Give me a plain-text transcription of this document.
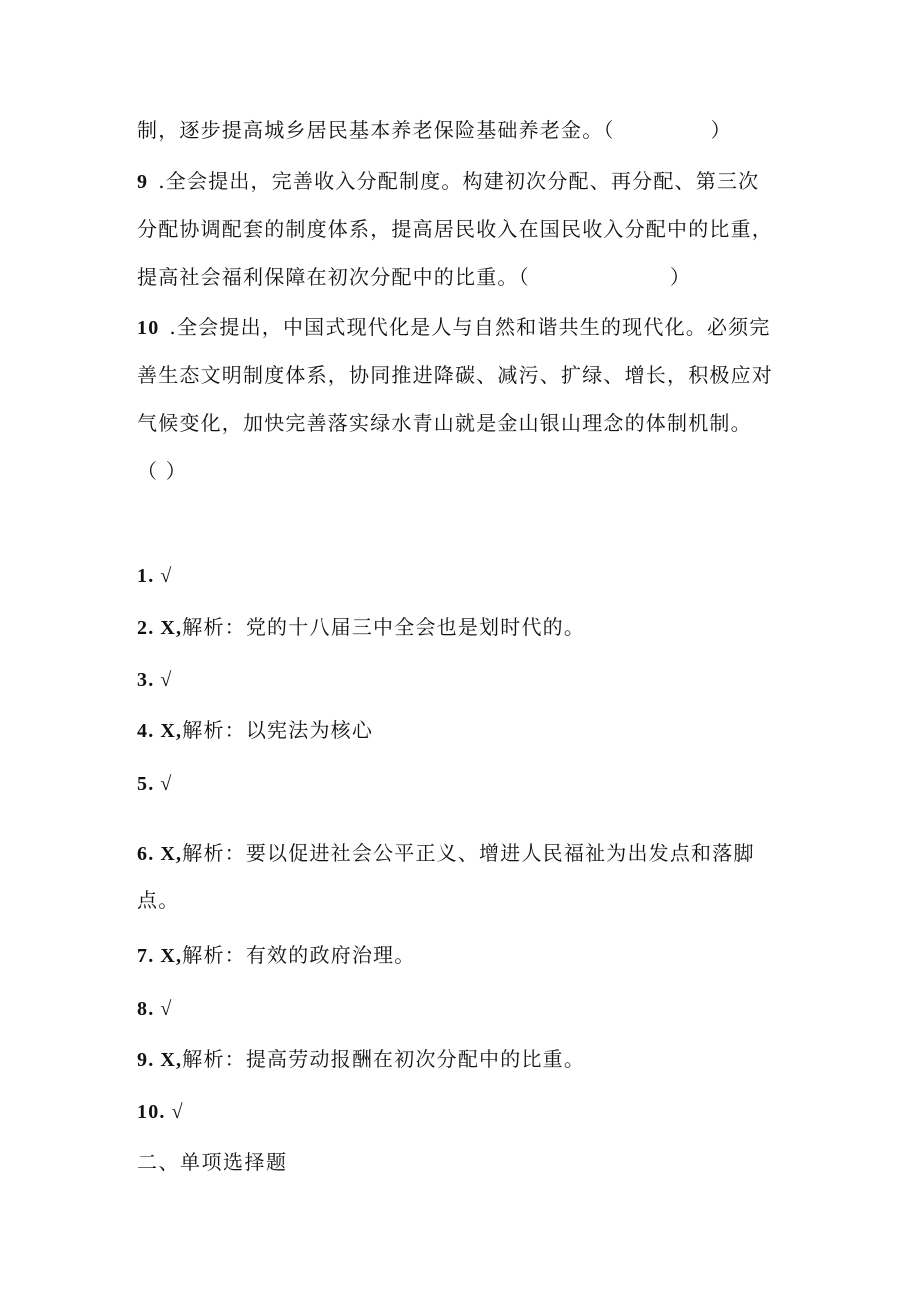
制，逐步提高城乡居民基本养老保险基础养老金。（	）
9 .全会提出，完善收入分配制度。构建初次分配、再分配、第三次
分配协调配套的制度体系，提高居民收入在国民收入分配中的比重，
提高社会福利保障在初次分配中的比重。（	）
10 .全会提出，中国式现代化是人与自然和谐共生的现代化。必须完
善生态文明制度体系，协同推进降碳、减污、扩绿、增长，积极应对
气候变化，加快完善落实绿水青山就是金山银山理念的体制机制。
（ ）
1. √
2. X,解析：党的十八届三中全会也是划时代的。
3. √
4. X,解析：以宪法为核心
5. √
6. X,解析：要以促进社会公平正义、增进人民福祉为出发点和落脚
点。
7. X,解析：有效的政府治理。
8. √
9. X,解析：提高劳动报酬在初次分配中的比重。
10. √
二、单项选择题
